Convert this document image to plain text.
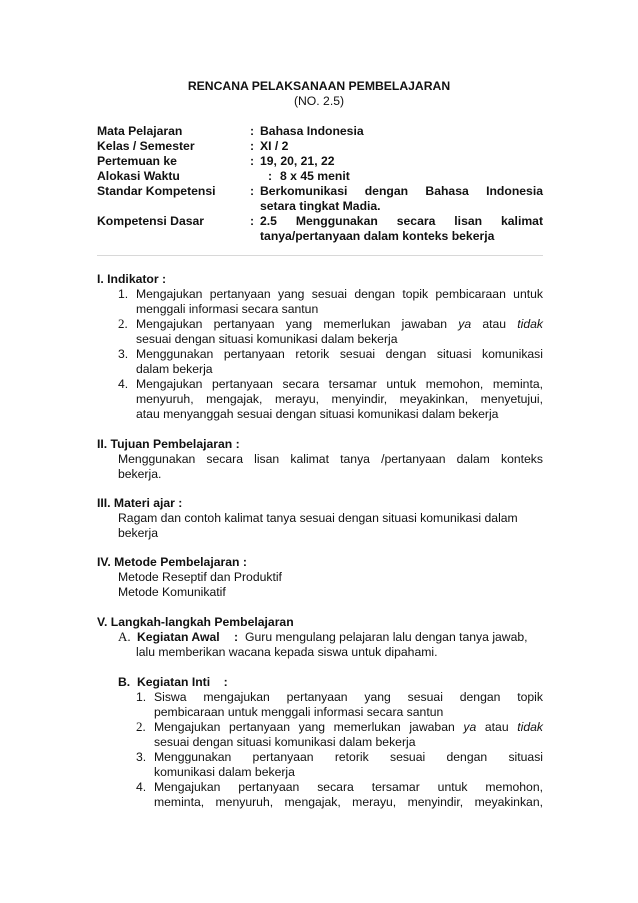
RENCANA PELAKSANAAN PEMBELAJARAN
(NO. 2.5)
Mata Pelajaran	: Bahasa Indonesia
Kelas / Semester	: XI / 2
Pertemuan ke	: 19, 20, 21, 22
Alokasi Waktu	: 8 x 45 menit
Standar Kompetensi	: Berkomunikasi dengan Bahasa Indonesia
setara tingkat Madia.
Kompetensi Dasar	: 2.5 Menggunakan secara lisan kalimat
tanya/pertanyaan dalam konteks bekerja
I. Indikator :
1. Mengajukan pertanyaan yang sesuai dengan topik pembicaraan untuk
menggali informasi secara santun
2. Mengajukan pertanyaan yang memerlukan jawaban ya atau tidak
sesuai dengan situasi komunikasi dalam bekerja
3. Menggunakan pertanyaan retorik sesuai dengan situasi komunikasi
dalam bekerja
4. Mengajukan pertanyaan secara tersamar untuk memohon, meminta,
menyuruh, mengajak, merayu, menyindir, meyakinkan, menyetujui,
atau menyanggah sesuai dengan situasi komunikasi dalam bekerja
II. Tujuan Pembelajaran :
Menggunakan secara lisan kalimat tanya /pertanyaan dalam konteks
bekerja.
III. Materi ajar :
Ragam dan contoh kalimat tanya sesuai dengan situasi komunikasi dalam
bekerja
IV. Metode Pembelajaran :
Metode Reseptif dan Produktif
Metode Komunikatif
V. Langkah-langkah Pembelajaran
A. Kegiatan Awal : Guru mengulang pelajaran lalu dengan tanya jawab,
lalu memberikan wacana kepada siswa untuk dipahami.
B.  Kegiatan Inti    :
1. Siswa mengajukan pertanyaan yang sesuai dengan topik
pembicaraan untuk menggali informasi secara santun
2. Mengajukan pertanyaan yang memerlukan jawaban ya atau tidak
sesuai dengan situasi komunikasi dalam bekerja
3. Menggunakan pertanyaan retorik sesuai dengan situasi
komunikasi dalam bekerja
4. Mengajukan pertanyaan secara tersamar untuk memohon,
meminta, menyuruh, mengajak, merayu, menyindir, meyakinkan,
